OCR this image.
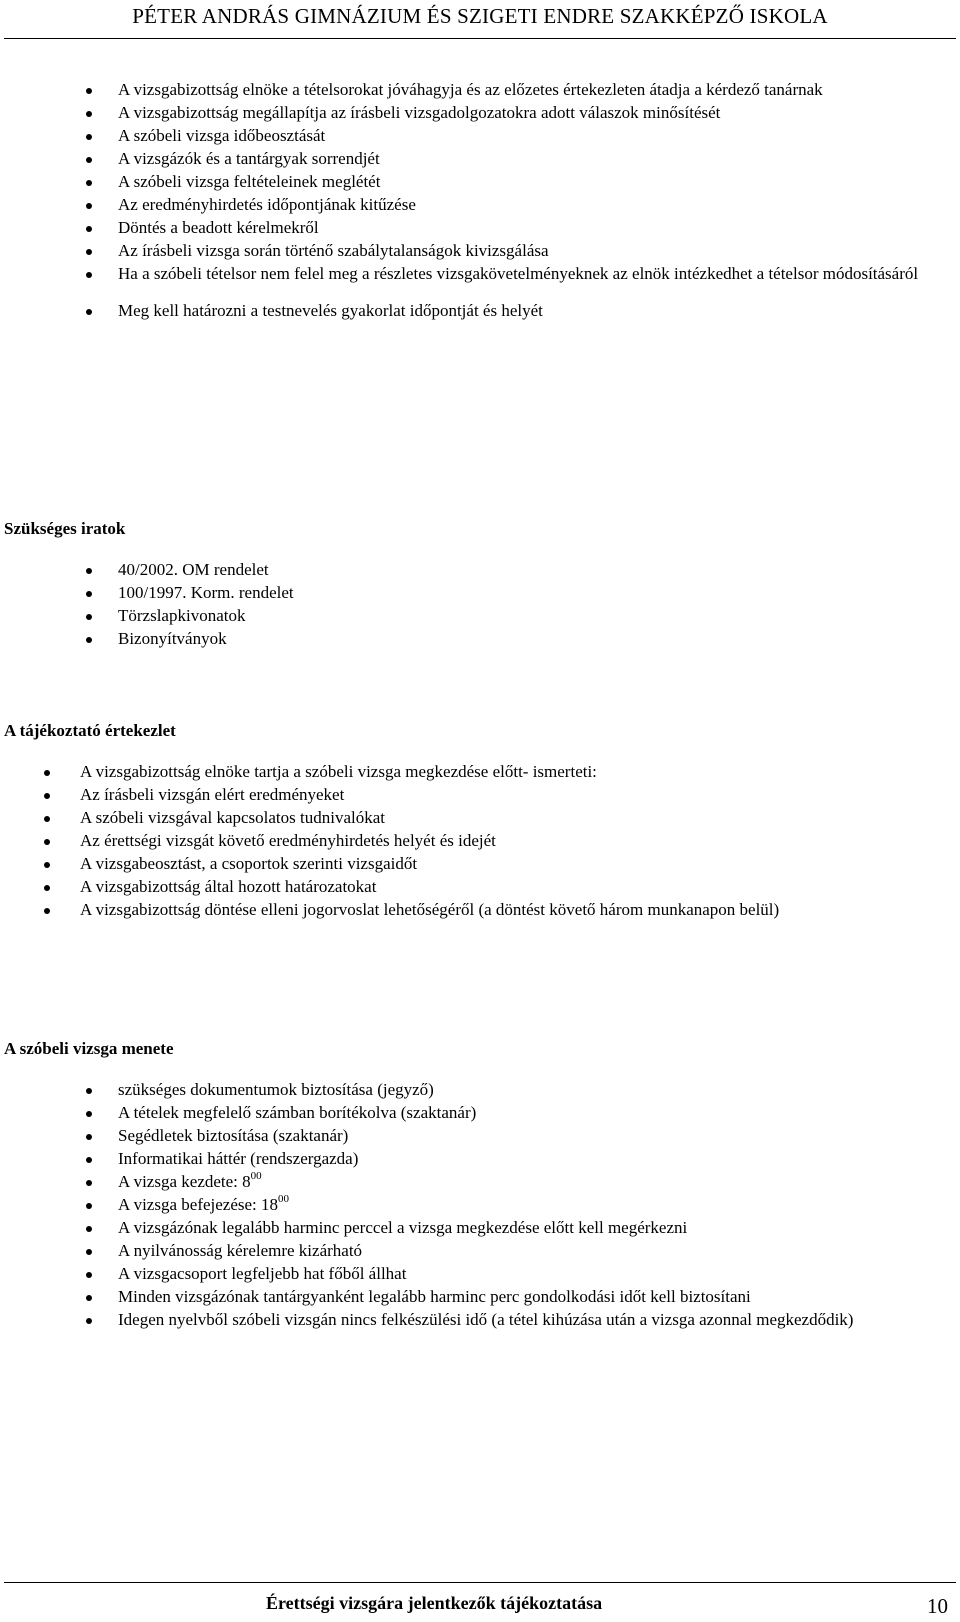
PÉTER ANDRÁS GIMNÁZIUM ÉS SZIGETI ENDRE SZAKKÉPZŐ ISKOLA
A vizsgabizottság elnöke a tételsorokat jóváhagyja és az előzetes értekezleten átadja a kérdező tanárnak
A vizsgabizottság megállapítja az írásbeli vizsgadolgozatokra adott válaszok minősítését
A szóbeli vizsga időbeosztását
A vizsgázók és a tantárgyak sorrendjét
A szóbeli vizsga feltételeinek meglétét
Az eredményhirdetés időpontjának kitűzése
Döntés a beadott kérelmekről
Az írásbeli vizsga során történő szabálytalanságok kivizsgálása
Ha a szóbeli tételsor nem felel meg a részletes vizsgakövetelményeknek az elnök intézkedhet a tételsor módosításáról
Meg kell határozni a testnevelés gyakorlat időpontját és helyét
Szükséges iratok
40/2002. OM rendelet
100/1997. Korm. rendelet
Törzslapkivonatok
Bizonyítványok
A tájékoztató értekezlet
A vizsgabizottság elnöke tartja a szóbeli vizsga megkezdése előtt- ismerteti:
Az írásbeli vizsgán elért eredményeket
A szóbeli vizsgával kapcsolatos tudnivalókat
Az érettségi vizsgát követő eredményhirdetés helyét és idejét
A vizsgabeosztást, a csoportok szerinti vizsgaidőt
A vizsgabizottság által hozott határozatokat
A vizsgabizottság döntése elleni jogorvoslat lehetőségéről (a döntést követő három munkanapon belül)
A szóbeli vizsga menete
szükséges dokumentumok biztosítása (jegyző)
A tételek megfelelő számban borítékolva (szaktanár)
Segédletek biztosítása (szaktanár)
Informatikai háttér (rendszergazda)
A vizsga kezdete: $8^{00}$
A vizsga befejezése: $18^{00}$
A vizsgázónak legalább harminc perccel a vizsga megkezdése előtt kell megérkezni
A nyilvánosság kérelemre kizárható
A vizsgacsoport legfeljebb hat főből állhat
Minden vizsgázónak tantárgyanként legalább harminc perc gondolkodási időt kell biztosítani
Idegen nyelvből szóbeli vizsgán nincs felkészülési idő (a tétel kihúzása után a vizsga azonnal megkezdődik)
Érettségi vizsgára jelentkezők tájékoztatása	10
